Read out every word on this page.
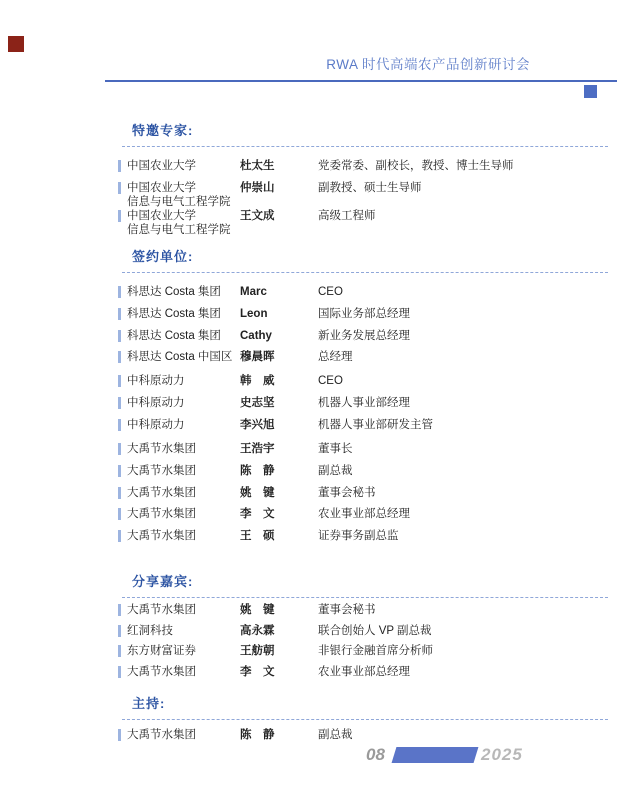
RWA 时代高端农产品创新研讨会
特邀专家:
中国农业大学	杜太生	党委常委、副校长，教授、博士生导师
中国农业大学
信息与电气工程学院
仲崇山	副教授、硕士生导师
中国农业大学
信息与电气工程学院
王文成	高级工程师
签约单位:
科思达 Costa 集团	Marc	CEO
科思达 Costa 集团	Leon	国际业务部总经理
科思达 Costa 集团	Cathy	新业务发展总经理
科思达 Costa 中国区 穆晨晖	总经理
中科原动力	韩　威	CEO
中科原动力	史志坚	机器人事业部经理
中科原动力	李兴旭	机器人事业部研发主管
大禹节水集团	王浩宇	董事长
大禹节水集团	陈　静	副总裁
大禹节水集团	姚　键	董事会秘书
大禹节水集团	李　文	农业事业部总经理
大禹节水集团	王　硕	证券事务副总监
分享嘉宾:
大禹节水集团	姚　键	董事会秘书
红洞科技	高永霖	联合创始人 VP 副总裁
东方财富证券	王舫朝	非银行金融首席分析师
大禹节水集团	李　文	农业事业部总经理
主持:
大禹节水集团	陈　静	副总裁
08	2025
